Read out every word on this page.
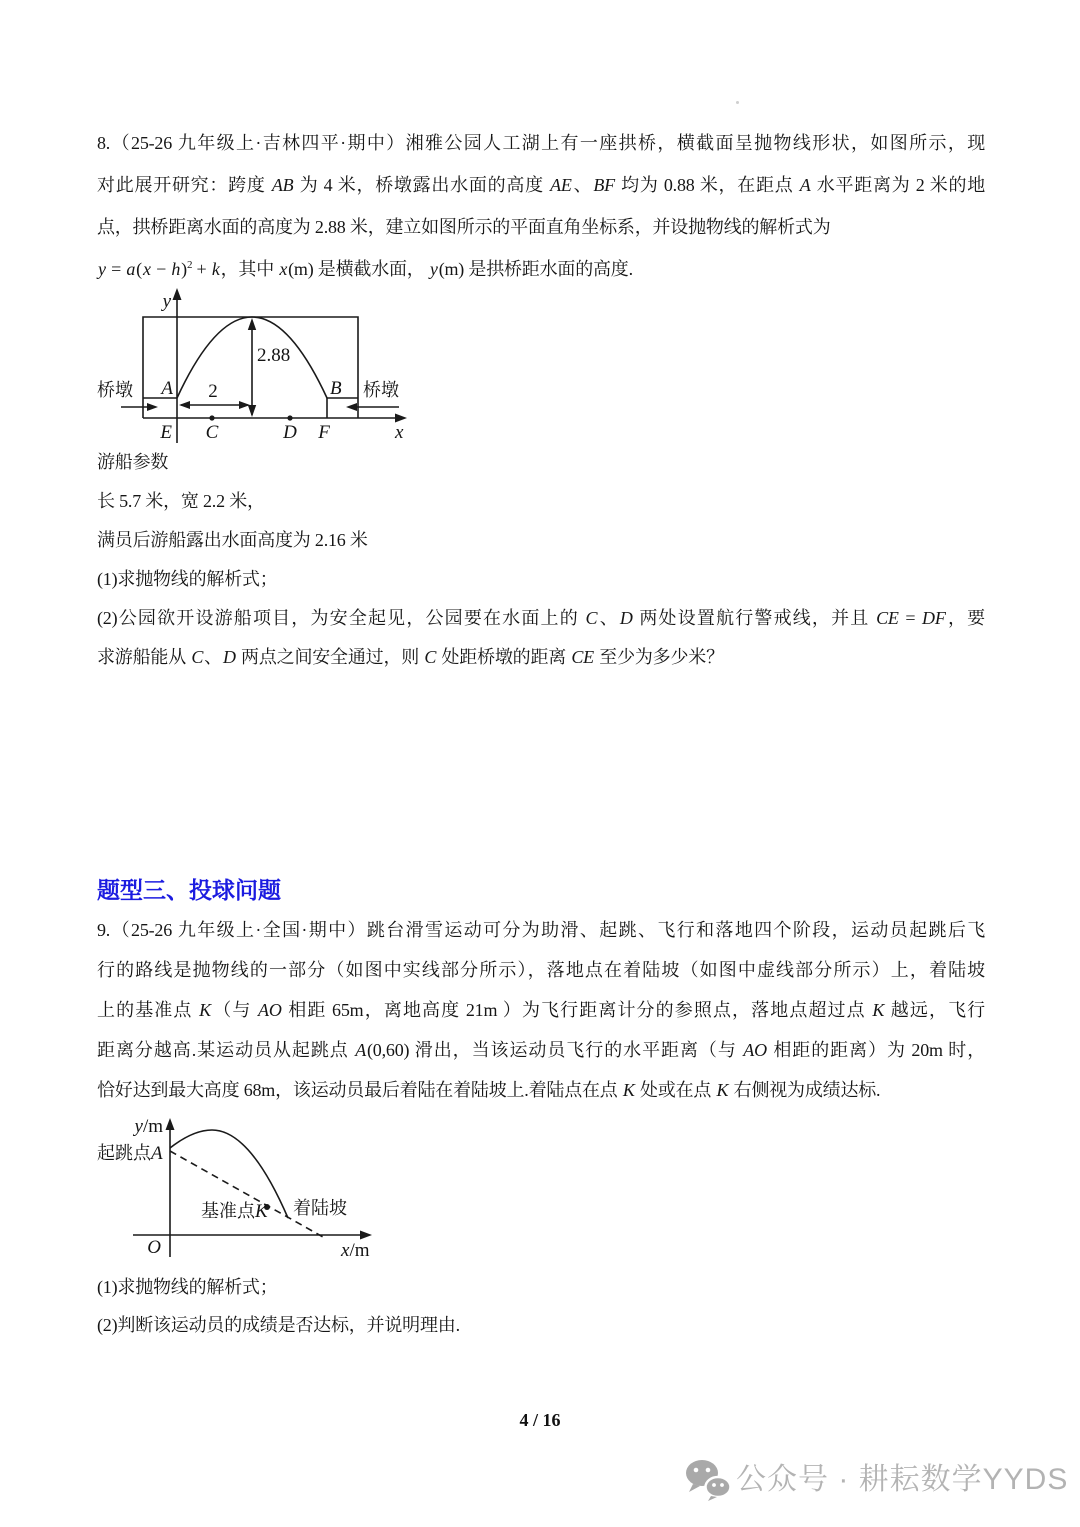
8.（25-26 九年级上·吉林四平·期中）湘雅公园人工湖上有一座拱桥，横截面呈抛物线形状，如图所示，现
对此展开研究：跨度 AB 为 4 米，桥墩露出水面的高度 AE、BF 均为 0.88 米，在距点 A 水平距离为 2 米的地
点，拱桥距离水面的高度为 2.88 米，建立如图所示的平面直角坐标系，并设抛物线的解析式为
$y = a(x - h)^2 + k$，其中 x(m) 是横截水面， y(m) 是拱桥距水面的高度.
y
x
A	B
E C	D F
2.88
2
桥墩	桥墩
游船参数
长 5.7 米，宽 2.2 米，
满员后游船露出水面高度为 2.16 米
(1)求抛物线的解析式；
(2)公园欲开设游船项目，为安全起见，公园要在水面上的 C、D 两处设置航行警戒线，并且 CE = DF，要
求游船能从 C、D 两点之间安全通过，则 C 处距桥墩的距离 CE 至少为多少米？
题型三、投球问题
9.（25-26 九年级上·全国·期中）跳台滑雪运动可分为助滑、起跳、飞行和落地四个阶段，运动员起跳后飞
行的路线是抛物线的一部分（如图中实线部分所示），落地点在着陆坡（如图中虚线部分所示）上，着陆坡
上的基准点 K（与 AO 相距 65m，离地高度 21m ）为飞行距离计分的参照点，落地点超过点 K 越远，飞行
距离分越高.某运动员从起跳点 A(0,60) 滑出，当该运动员飞行的水平距离（与 AO 相距的距离）为 20m 时，
恰好达到最大高度 68m，该运动员最后着陆在着陆坡上.着陆点在点 K 处或在点 K 右侧视为成绩达标.
y/m
x/m
O
起跳点A
基准点K 着陆坡
(1)求抛物线的解析式；
(2)判断该运动员的成绩是否达标，并说明理由.
4 / 16
公众号 · 耕耘数学YYDS
